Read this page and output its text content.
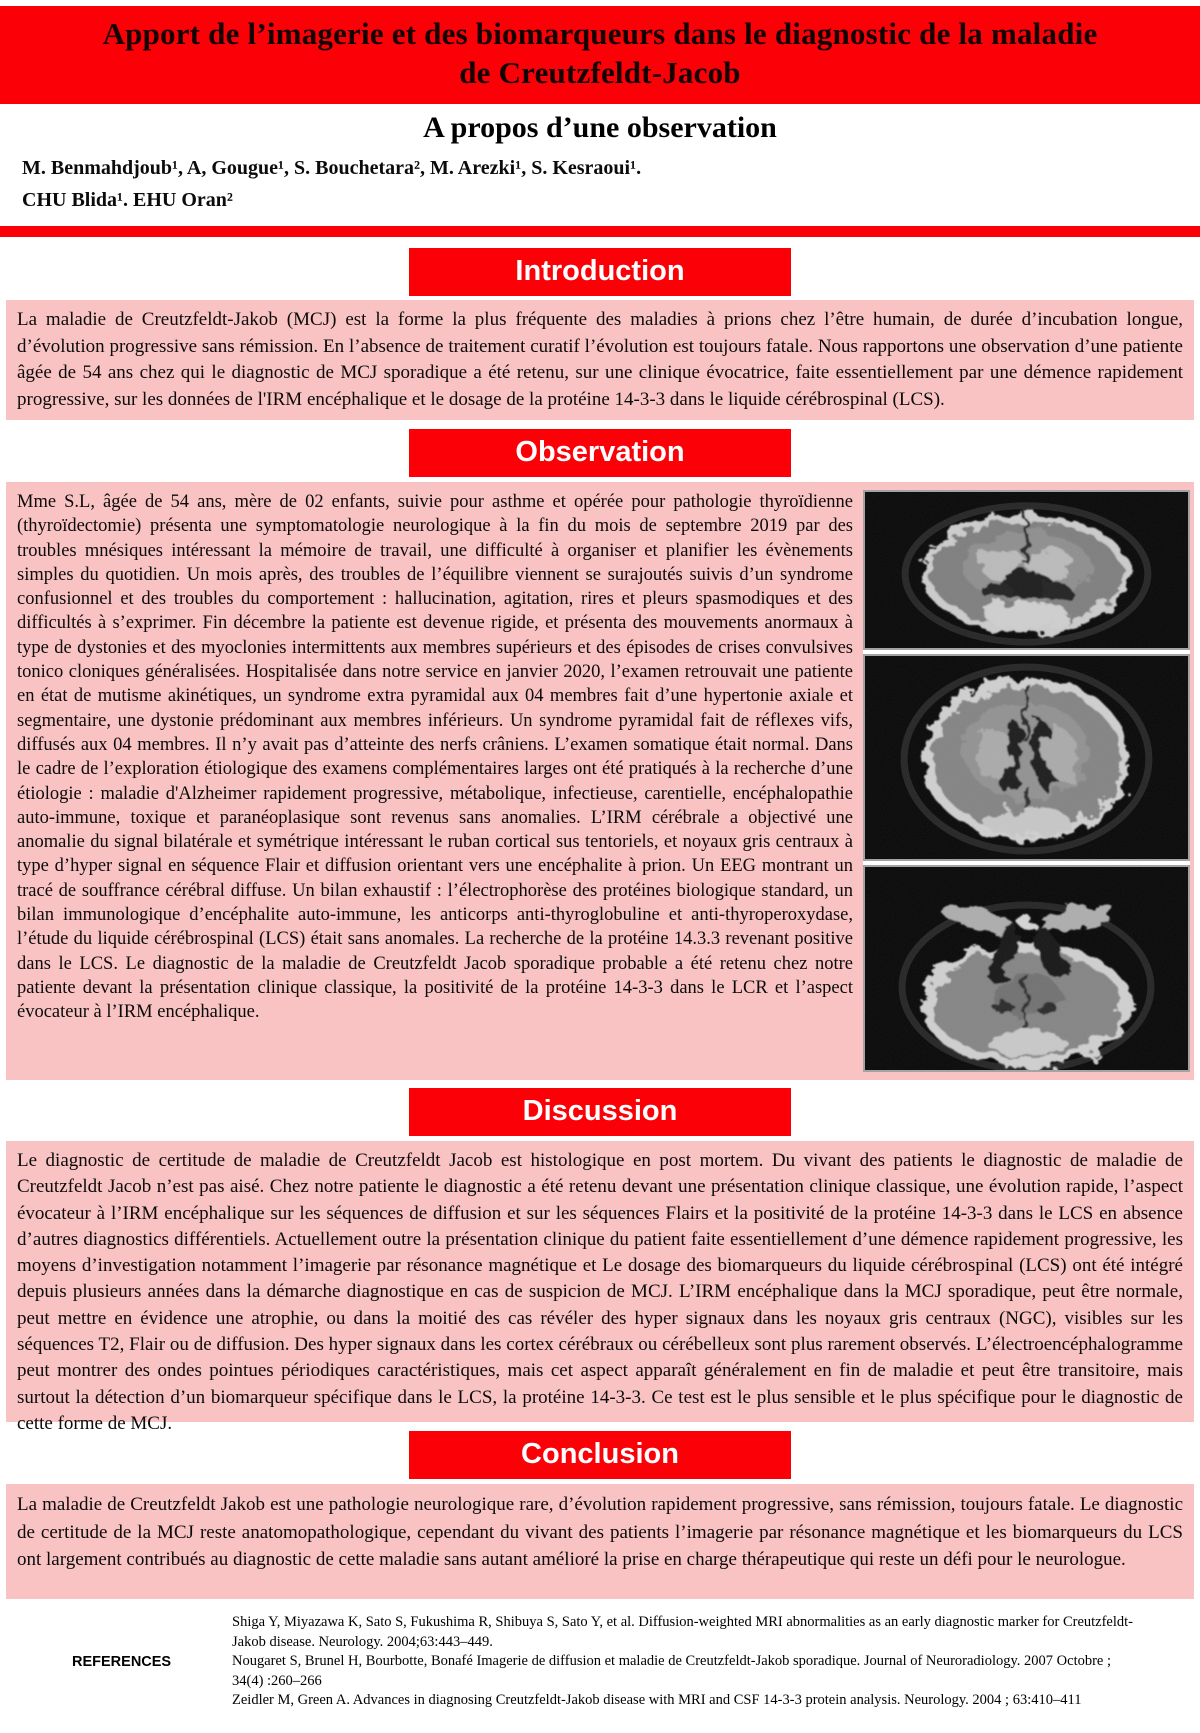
Apport de l’imagerie et des biomarqueurs dans le diagnostic de la maladie
de Creutzfeldt-Jacob
A propos d’une observation
M. Benmahdjoub¹, A, Gougue¹, S. Bouchetara², M. Arezki¹, S. Kesraoui¹.
CHU Blida¹. EHU Oran²
Introduction
La maladie de Creutzfeldt-Jakob (MCJ) est la forme la plus fréquente des maladies à prions chez l’être humain, de durée d’incubation longue, d’évolution progressive sans rémission. En l’absence de traitement curatif l’évolution est toujours fatale. Nous rapportons une observation d’une patiente âgée de 54 ans chez qui le diagnostic de MCJ sporadique a été retenu, sur une clinique évocatrice, faite essentiellement par une démence rapidement progressive, sur les données de l'IRM encéphalique et le dosage de la protéine 14-3-3 dans le liquide cérébrospinal (LCS).
Observation
Mme S.L, âgée de 54 ans, mère de 02 enfants, suivie pour asthme et opérée pour pathologie thyroïdienne (thyroïdectomie) présenta une symptomatologie neurologique à la fin du mois de septembre 2019 par des troubles mnésiques intéressant la mémoire de travail, une difficulté à organiser et planifier les évènements simples du quotidien. Un mois après, des troubles de l’équilibre viennent se surajoutés suivis d’un syndrome confusionnel et des troubles du comportement : hallucination, agitation, rires et pleurs spasmodiques et des difficultés à s’exprimer. Fin décembre la patiente est devenue rigide, et présenta des mouvements anormaux à type de dystonies et des myoclonies intermittents aux membres supérieurs et des épisodes de crises convulsives tonico cloniques généralisées. Hospitalisée dans notre service en janvier 2020, l’examen retrouvait une patiente en état de mutisme akinétiques, un syndrome extra pyramidal aux 04 membres fait d’une hypertonie axiale et segmentaire, une dystonie prédominant aux membres inférieurs. Un syndrome pyramidal fait de réflexes vifs, diffusés aux 04 membres. Il n’y avait pas d’atteinte des nerfs crâniens. L’examen somatique était normal. Dans le cadre de l’exploration étiologique des examens complémentaires larges ont été pratiqués à la recherche d’une étiologie : maladie d'Alzheimer rapidement progressive, métabolique, infectieuse, carentielle, encéphalopathie auto-immune, toxique et paranéoplasique sont revenus sans anomalies. L’IRM cérébrale a objectivé une anomalie du signal bilatérale et symétrique intéressant le ruban cortical sus tentoriels, et noyaux gris centraux à type d’hyper signal en séquence Flair et diffusion orientant vers une encéphalite à prion. Un EEG montrant un tracé de souffrance cérébral diffuse. Un bilan exhaustif : l’électrophorèse des protéines biologique standard, un bilan immunologique d’encéphalite auto-immune, les anticorps anti-thyroglobuline et anti-thyroperoxydase, l’étude du liquide cérébrospinal (LCS) était sans anomales. La recherche de la protéine 14.3.3 revenant positive dans le LCS. Le diagnostic de la maladie de Creutzfeldt Jacob sporadique probable a été retenu chez notre patiente devant la présentation clinique classique, la positivité de la protéine 14-3-3 dans le LCR et l’aspect évocateur à l’IRM encéphalique.
Discussion
Le diagnostic de certitude de maladie de Creutzfeldt Jacob est histologique en post mortem. Du vivant des patients le diagnostic de maladie de Creutzfeldt Jacob n’est pas aisé. Chez notre patiente le diagnostic a été retenu devant une présentation clinique classique, une évolution rapide, l’aspect évocateur à l’IRM encéphalique sur les séquences de diffusion et sur les séquences Flairs et la positivité de la protéine 14-3-3 dans le LCS en absence d’autres diagnostics différentiels. Actuellement outre la présentation clinique du patient faite essentiellement d’une démence rapidement progressive, les moyens d’investigation notamment l’imagerie par résonance magnétique et Le dosage des biomarqueurs du liquide cérébrospinal (LCS) ont été intégré depuis plusieurs années dans la démarche diagnostique en cas de suspicion de MCJ. L’IRM encéphalique dans la MCJ sporadique, peut être normale, peut mettre en évidence une atrophie, ou dans la moitié des cas révéler des hyper signaux dans les noyaux gris centraux (NGC), visibles sur les séquences T2, Flair ou de diffusion. Des hyper signaux dans les cortex cérébraux ou cérébelleux sont plus rarement observés. L’électroencéphalogramme peut montrer des ondes pointues périodiques caractéristiques, mais cet aspect apparaît généralement en fin de maladie et peut être transitoire, mais surtout la détection d’un biomarqueur spécifique dans le LCS, la protéine 14-3-3. Ce test est le plus sensible et le plus spécifique pour le diagnostic de cette forme de MCJ.
Conclusion
La maladie de Creutzfeldt Jakob est une pathologie neurologique rare, d’évolution rapidement progressive, sans rémission, toujours fatale. Le diagnostic de certitude de la MCJ reste anatomopathologique, cependant du vivant des patients l’imagerie par résonance magnétique et les biomarqueurs du LCS ont largement contribués au diagnostic de cette maladie sans autant amélioré la prise en charge thérapeutique qui reste un défi pour le neurologue.
REFERENCES
Shiga Y, Miyazawa K, Sato S, Fukushima R, Shibuya S, Sato Y, et al. Diffusion-weighted MRI abnormalities as an early diagnostic marker for Creutzfeldt-Jakob disease. Neurology. 2004;63:443–449.
Nougaret S, Brunel H, Bourbotte, Bonafé Imagerie de diffusion et maladie de Creutzfeldt-Jakob sporadique. Journal of Neuroradiology. 2007 Octobre ; 34(4) :260–266
Zeidler M, Green A. Advances in diagnosing Creutzfeldt-Jakob disease with MRI and CSF 14-3-3 protein analysis. Neurology. 2004 ; 63:410–411
